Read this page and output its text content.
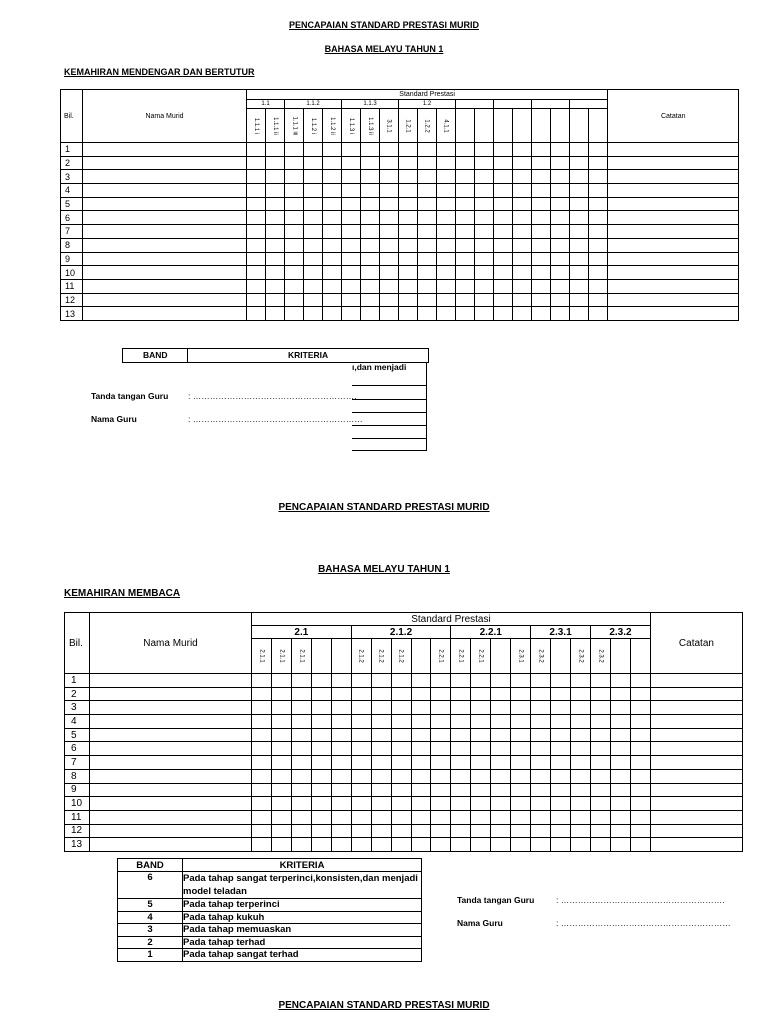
PENCAPAIAN STANDARD PRESTASI MURID
BAHASA MELAYU TAHUN 1
KEMAHIRAN MENDENGAR DAN BERTUTUR
Bil.	Nama Murid	Standard Prestasi																			Catatan
		1.1		1.1.2			1.1.3			1.2											
		1.1.1 i	1.1.1 ii	1.1.1 iii	1.1.2 i	1.1.2 ii	1.1.3 i	1.1.3 ii	3.1.1	1.2.1	1.2.2	4.1.1									
1																					
2																					
3																					
4																					
5																					
6																					
7																					
8																					
9																					
10																					
11																					
12																					
13																					
BAND	KRITERIA
ı,dan menjadi
Tanda tangan Guru : ………………………………………………….
Nama Guru	: ……………………………………………………
PENCAPAIAN STANDARD PRESTASI MURID
BAHASA MELAYU TAHUN 1
KEMAHIRAN MEMBACA
Bil.	Nama Murid	Standard Prestasi																				Catatan
		2.1					2.1.2					2.2.1				2.3.1			2.3.2			
		2.1.1	2.1.1	2.1.1			2.1.2	2.1.2	2.1.2		2.2.1	2.2.1	2.2.1		2.3.1	2.3.2		2.3.2	2.3.2			
1																						
2																						
3																						
4																						
5																						
6																						
7																						
8																						
9																						
10																						
11																						
12																						
13																						
BAND	KRITERIA
6	Pada tahap sangat terperinci,konsisten,dan menjadi model teladan
5	Pada tahap terperinci
4	Pada tahap kukuh
3	Pada tahap memuaskan
2	Pada tahap terhad
1	Pada tahap sangat terhad
Tanda tangan Guru	: ………………………………………………….
Nama Guru	: ……………………………………………………
PENCAPAIAN STANDARD PRESTASI MURID
